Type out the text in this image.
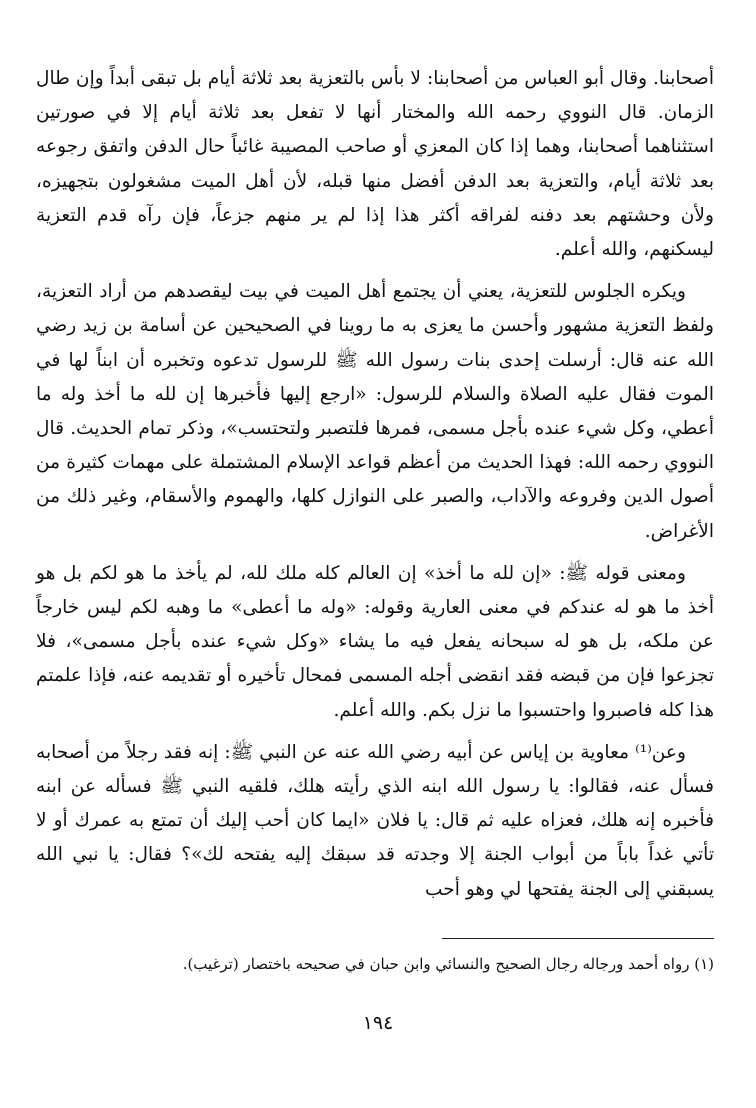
أصحابنا. وقال أبو العباس من أصحابنا: لا بأس بالتعزية بعد ثلاثة أيام بل تبقى أبداً وإن طال الزمان. قال النووي رحمه الله والمختار أنها لا تفعل بعد ثلاثة أيام إلا في صورتين استثناهما أصحابنا، وهما إذا كان المعزي أو صاحب المصيبة غائباً حال الدفن واتفق رجوعه بعد ثلاثة أيام، والتعزية بعد الدفن أفضل منها قبله، لأن أهل الميت مشغولون بتجهيزه، ولأن وحشتهم بعد دفنه لفراقه أكثر هذا إذا لم ير منهم جزعاً، فإن رآه قدم التعزية ليسكنهم، والله أعلم.

ويكره الجلوس للتعزية، يعني أن يجتمع أهل الميت في بيت ليقصدهم من أراد التعزية، ولفظ التعزية مشهور وأحسن ما يعزى به ما روينا في الصحيحين عن أسامة بن زيد رضي الله عنه قال: أرسلت إحدى بنات رسول الله ﷺ للرسول تدعوه وتخبره أن ابناً لها في الموت فقال عليه الصلاة والسلام للرسول: «ارجع إليها فأخبرها إن لله ما أخذ وله ما أعطي، وكل شيء عنده بأجل مسمى، فمرها فلتصبر ولتحتسب»، وذكر تمام الحديث. قال النووي رحمه الله: فهذا الحديث من أعظم قواعد الإسلام المشتملة على مهمات كثيرة من أصول الدين وفروعه والآداب، والصبر على النوازل كلها، والهموم والأسقام، وغير ذلك من الأغراض.

ومعنى قوله ﷺ: «إن لله ما أخذ» إن العالم كله ملك لله، لم يأخذ ما هو لكم بل هو أخذ ما هو له عندكم في معنى العارية وقوله: «وله ما أعطى» ما وهبه لكم ليس خارجاً عن ملكه، بل هو له سبحانه يفعل فيه ما يشاء «وكل شيء عنده بأجل مسمى»، فلا تجزعوا فإن من قبضه فقد انقضى أجله المسمى فمحال تأخيره أو تقديمه عنه، فإذا علمتم هذا كله فاصبروا واحتسبوا ما نزل بكم. والله أعلم.

وعن⁽¹⁾ معاوية بن إياس عن أبيه رضي الله عنه عن النبي ﷺ: إنه فقد رجلاً من أصحابه فسأل عنه، فقالوا: يا رسول الله ابنه الذي رأيته هلك، فلقيه النبي ﷺ فسأله عن ابنه فأخبره إنه هلك، فعزاه عليه ثم قال: يا فلان «ايما كان أحب إليك أن تمتع به عمرك أو لا تأتي غداً باباً من أبواب الجنة إلا وجدته قد سبقك إليه يفتحه لك»؟ فقال: يا نبي الله يسبقني إلى الجنة يفتحها لي وهو أحب

(١) رواه أحمد ورجاله رجال الصحيح والنسائي وابن حبان في صحيحه باختصار (ترغيب).
١٩٤
